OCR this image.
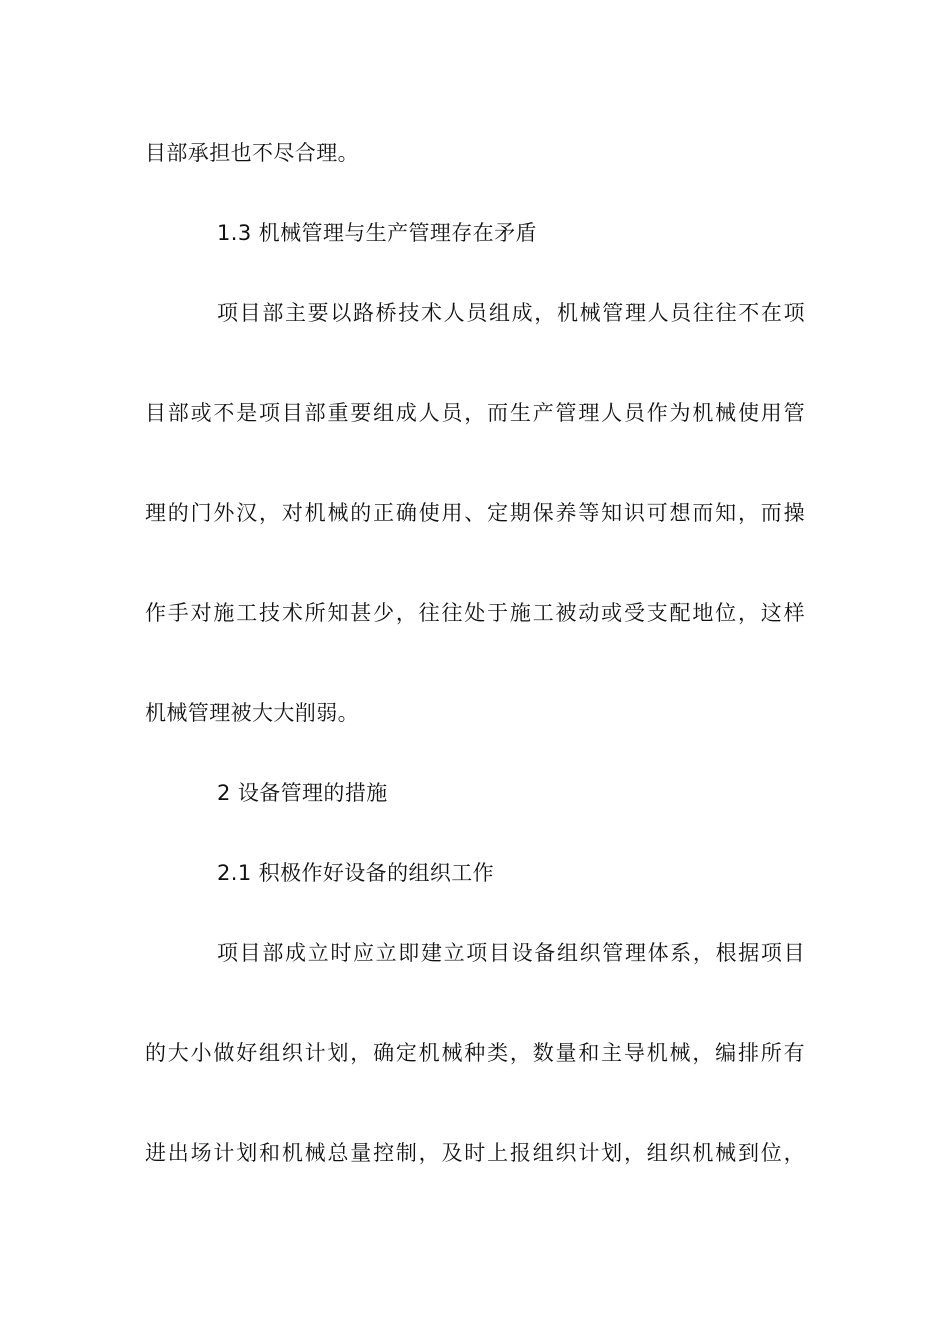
目部承担也不尽合理。
1.3 机械管理与生产管理存在矛盾
项目部主要以路桥技术人员组成，机械管理人员往往不在项
目部或不是项目部重要组成人员，而生产管理人员作为机械使用管
理的门外汉，对机械的正确使用、定期保养等知识可想而知，而操
作手对施工技术所知甚少，往往处于施工被动或受支配地位，这样
机械管理被大大削弱。
2 设备管理的措施
2.1 积极作好设备的组织工作
项目部成立时应立即建立项目设备组织管理体系，根据项目
的大小做好组织计划，确定机械种类，数量和主导机械，编排所有
进出场计划和机械总量控制，及时上报组织计划，组织机械到位，
